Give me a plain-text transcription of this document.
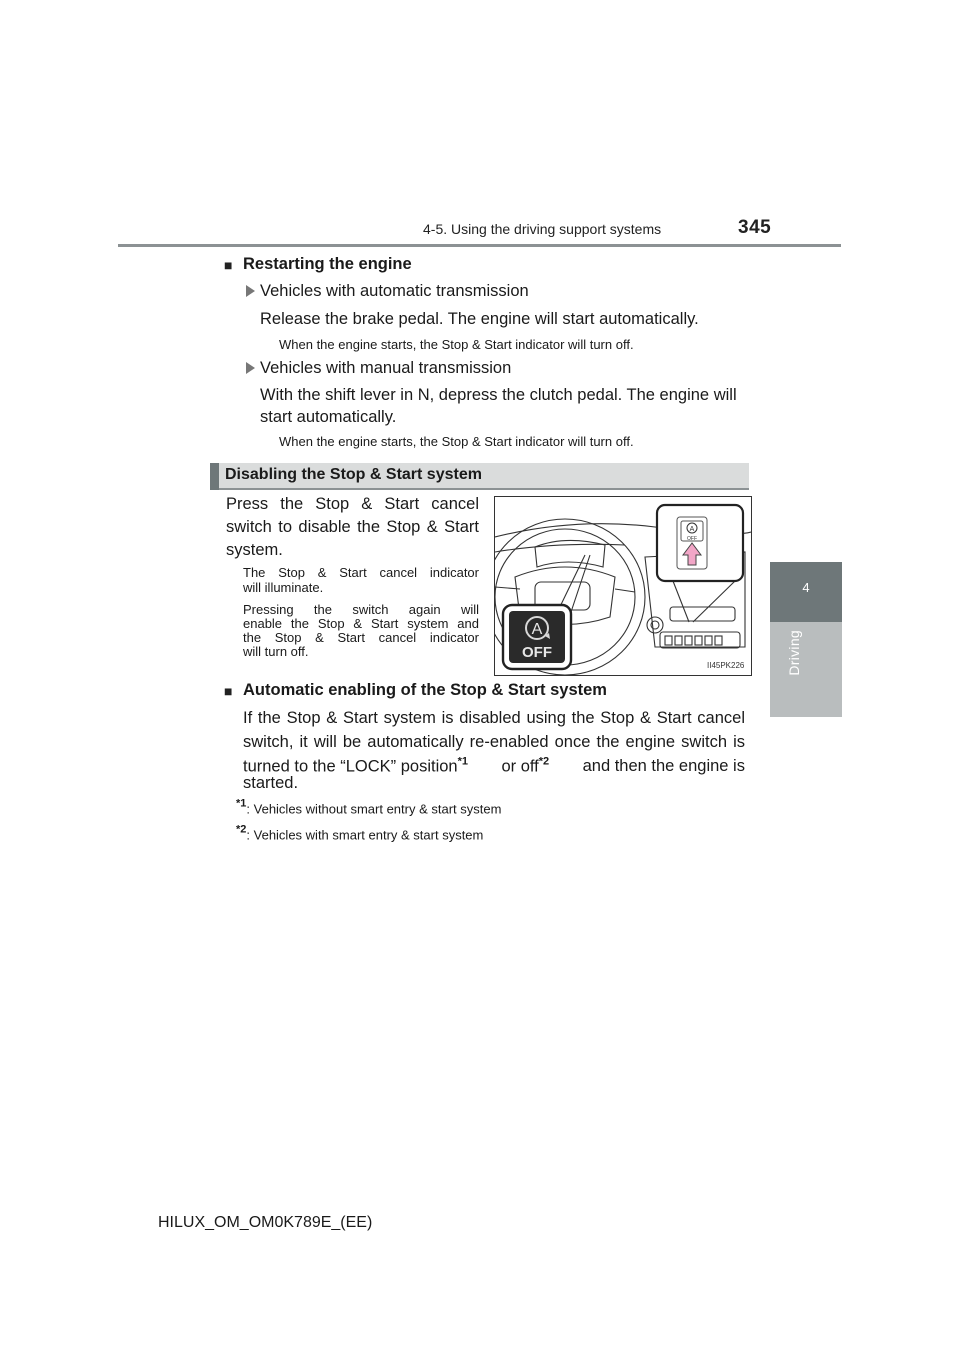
4-5. Using the driving support systems	345
4
Driving
■ Restarting the engine
Vehicles with automatic transmission
Release the brake pedal. The engine will start automatically.
When the engine starts, the Stop & Start indicator will turn off.
Vehicles with manual transmission
With the shift lever in N, depress the clutch pedal. The engine will
start automatically.
When the engine starts, the Stop & Start indicator will turn off.
Disabling the Stop & Start system
Press the Stop & Start cancel
switch to disable the Stop & Start
system.
The Stop & Start cancel indicator
will illuminate.
Pressing the switch again will
enable the Stop & Start system and
the Stop & Start cancel indicator
will turn off.
A
OFF
A
OFF
II45PK226
■ Automatic enabling of the Stop & Start system
If the Stop & Start system is disabled using the Stop & Start cancel
switch, it will be automatically re-enabled once the engine switch is
turned to the “LOCK” position$^{*1}$ or off$^{*2}$ and then the engine is
started.
$^{*1}$: Vehicles without smart entry & start system
$^{*2}$: Vehicles with smart entry & start system
HILUX_OM_OM0K789E_(EE)
